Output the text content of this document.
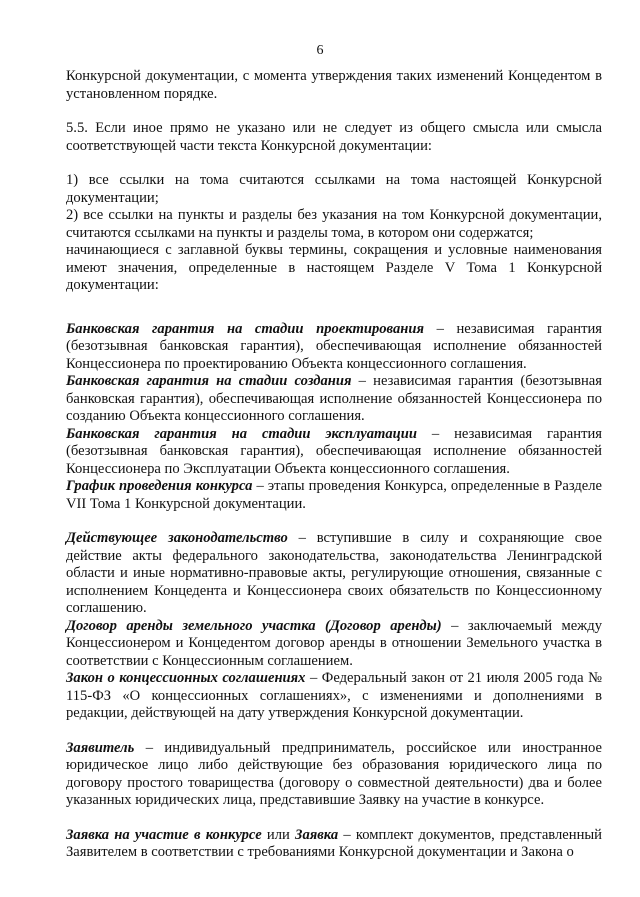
6

Конкурсной документации, с момента утверждения таких изменений Концедентом в установленном порядке.

5.5. Если иное прямо не указано или не следует из общего смысла или смысла соответствующей части текста Конкурсной документации:

1) все ссылки на тома считаются ссылками на тома настоящей Конкурсной документации;

2) все ссылки на пункты и разделы без указания на том Конкурсной документации, считаются ссылками на пункты и разделы тома, в котором они содержатся;

начинающиеся с заглавной буквы термины, сокращения и условные наименования имеют значения, определенные в настоящем Разделе V Тома 1 Конкурсной документации:

Банковская гарантия на стадии проектирования – независимая гарантия (безотзывная банковская гарантия), обеспечивающая исполнение обязанностей Концессионера по проектированию Объекта концессионного соглашения.

Банковская гарантия на стадии создания – независимая гарантия (безотзывная банковская гарантия), обеспечивающая исполнение обязанностей Концессионера по созданию Объекта концессионного соглашения.

Банковская гарантия на стадии эксплуатации – независимая гарантия (безотзывная банковская гарантия), обеспечивающая исполнение обязанностей Концессионера по Эксплуатации Объекта концессионного соглашения.

График проведения конкурса – этапы проведения Конкурса, определенные в Разделе VII Тома 1 Конкурсной документации.

Действующее законодательство – вступившие в силу и сохраняющие свое действие акты федерального законодательства, законодательства Ленинградской области и иные нормативно-правовые акты, регулирующие отношения, связанные с исполнением Концедента и Концессионера своих обязательств по Концессионному соглашению.

Договор аренды земельного участка (Договор аренды) – заключаемый между Концессионером и Концедентом договор аренды в отношении Земельного участка в соответствии с Концессионным соглашением.

Закон о концессионных соглашениях – Федеральный закон от 21 июля 2005 года № 115-ФЗ «О концессионных соглашениях», с изменениями и дополнениями в редакции, действующей на дату утверждения Конкурсной документации.

Заявитель – индивидуальный предприниматель, российское или иностранное юридическое лицо либо действующие без образования юридического лица по договору простого товарищества (договору о совместной деятельности) два и более указанных юридических лица, представившие Заявку на участие в конкурсе.

Заявка на участие в конкурсе или Заявка – комплект документов, представленный Заявителем в соответствии с требованиями Конкурсной документации и Закона о
